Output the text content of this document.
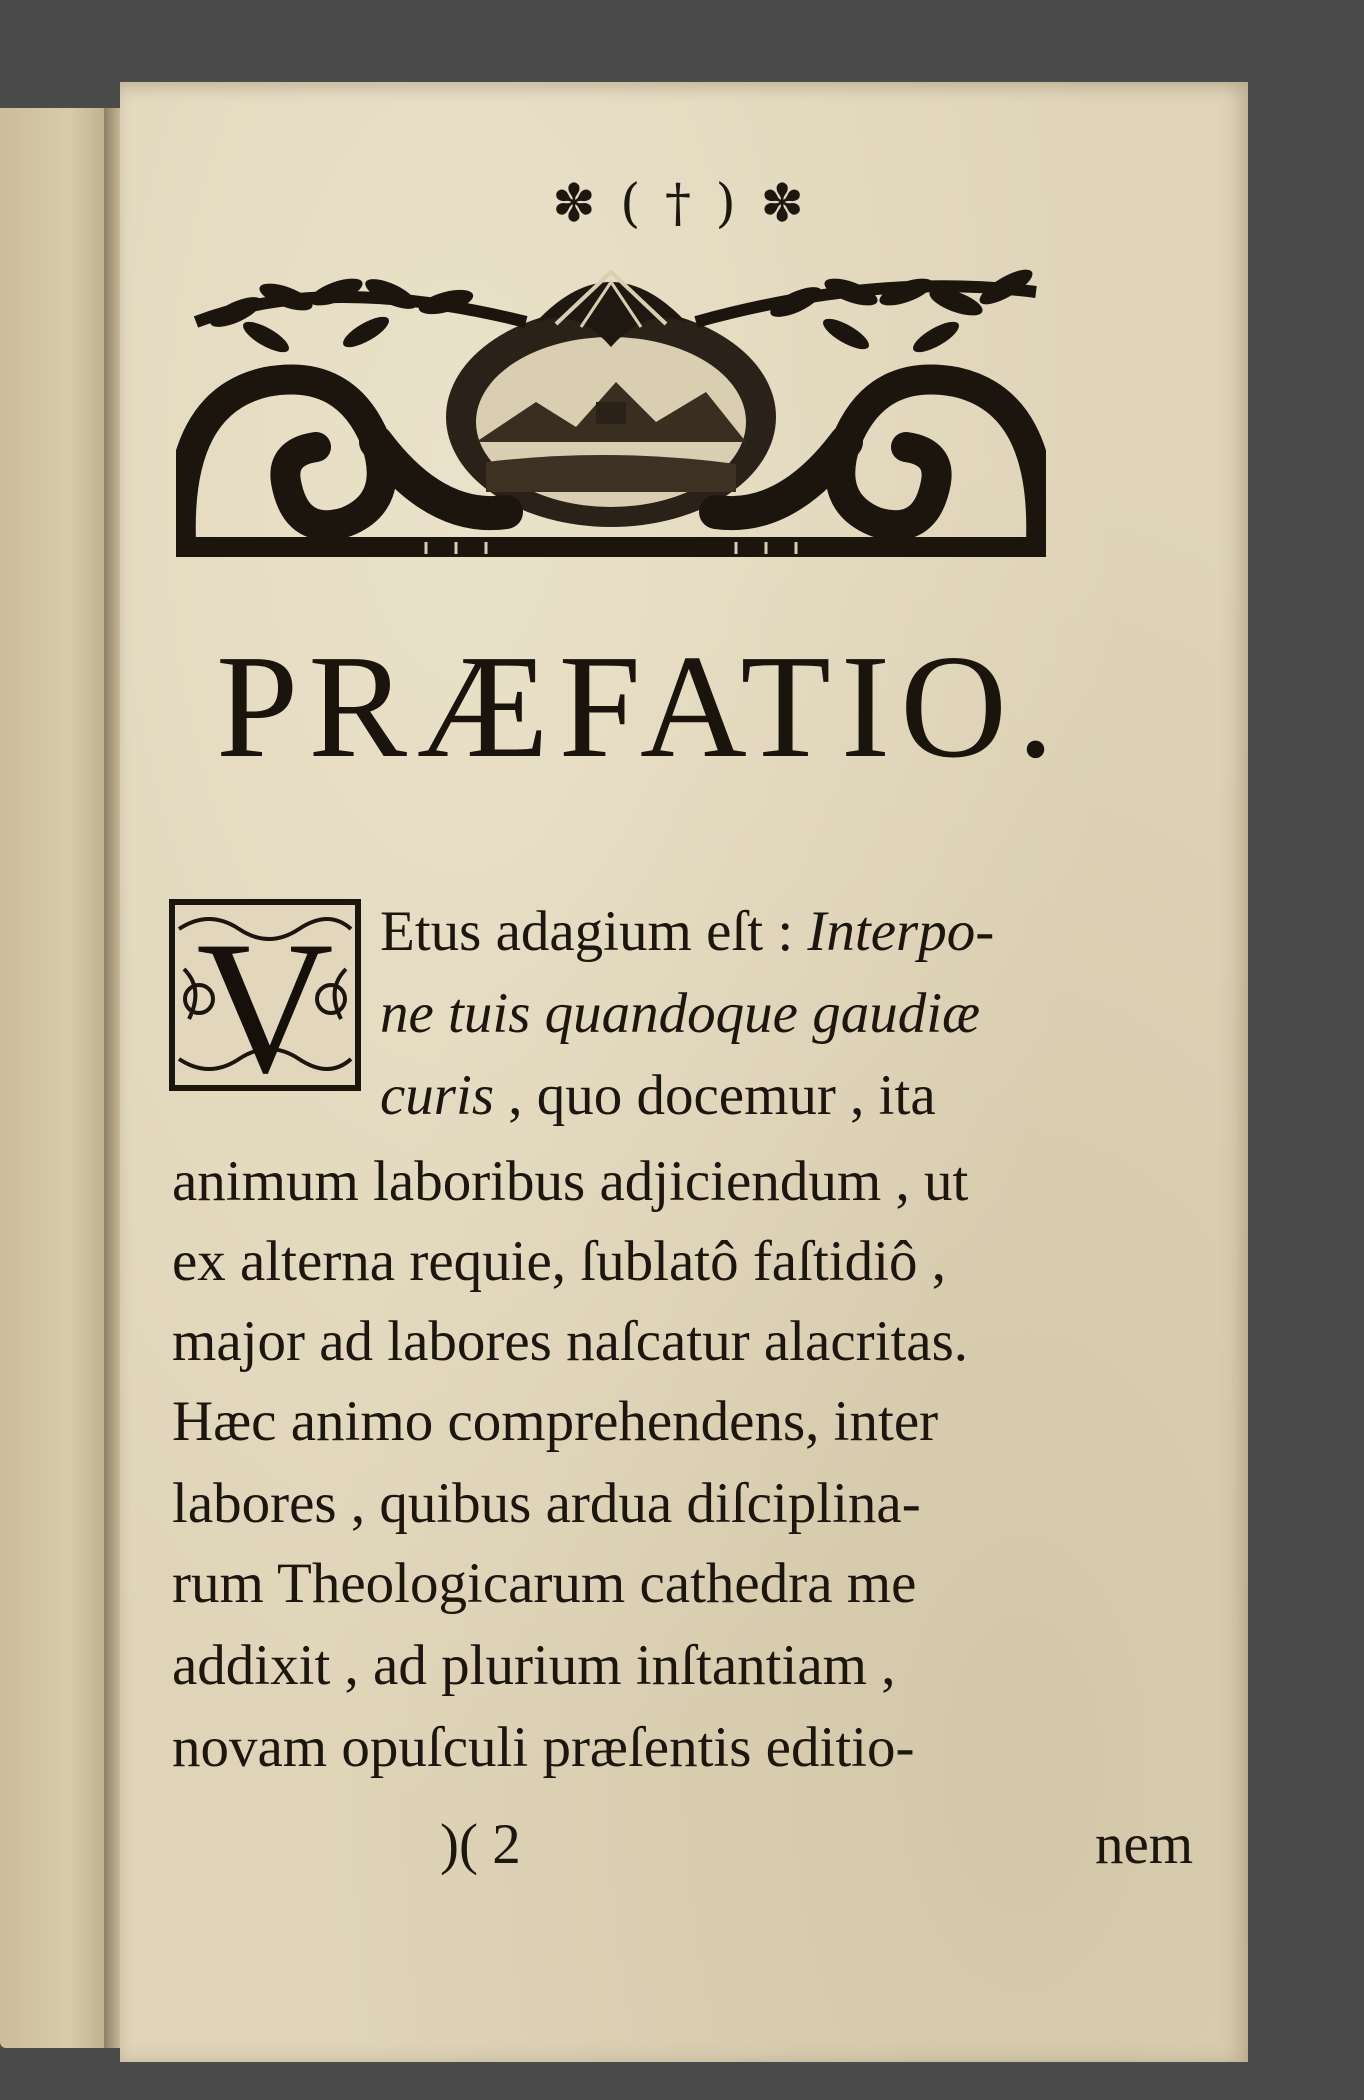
✽ ( † ) ✽
PRÆFATIO.
V Etus adagium eſt : Interpo-
ne tuis quandoque gaudiæ
curis , quo docemur , ita
animum laboribus adjiciendum , ut
ex alterna requie, ſublatô faſtidiô ,
major ad labores naſcatur alacritas.
Hæc animo comprehendens, inter
labores , quibus ardua diſciplina-
rum Theologicarum cathedra me
addixit , ad plurium inſtantiam ,
novam opuſculi præſentis editio-
)( 2	nem
